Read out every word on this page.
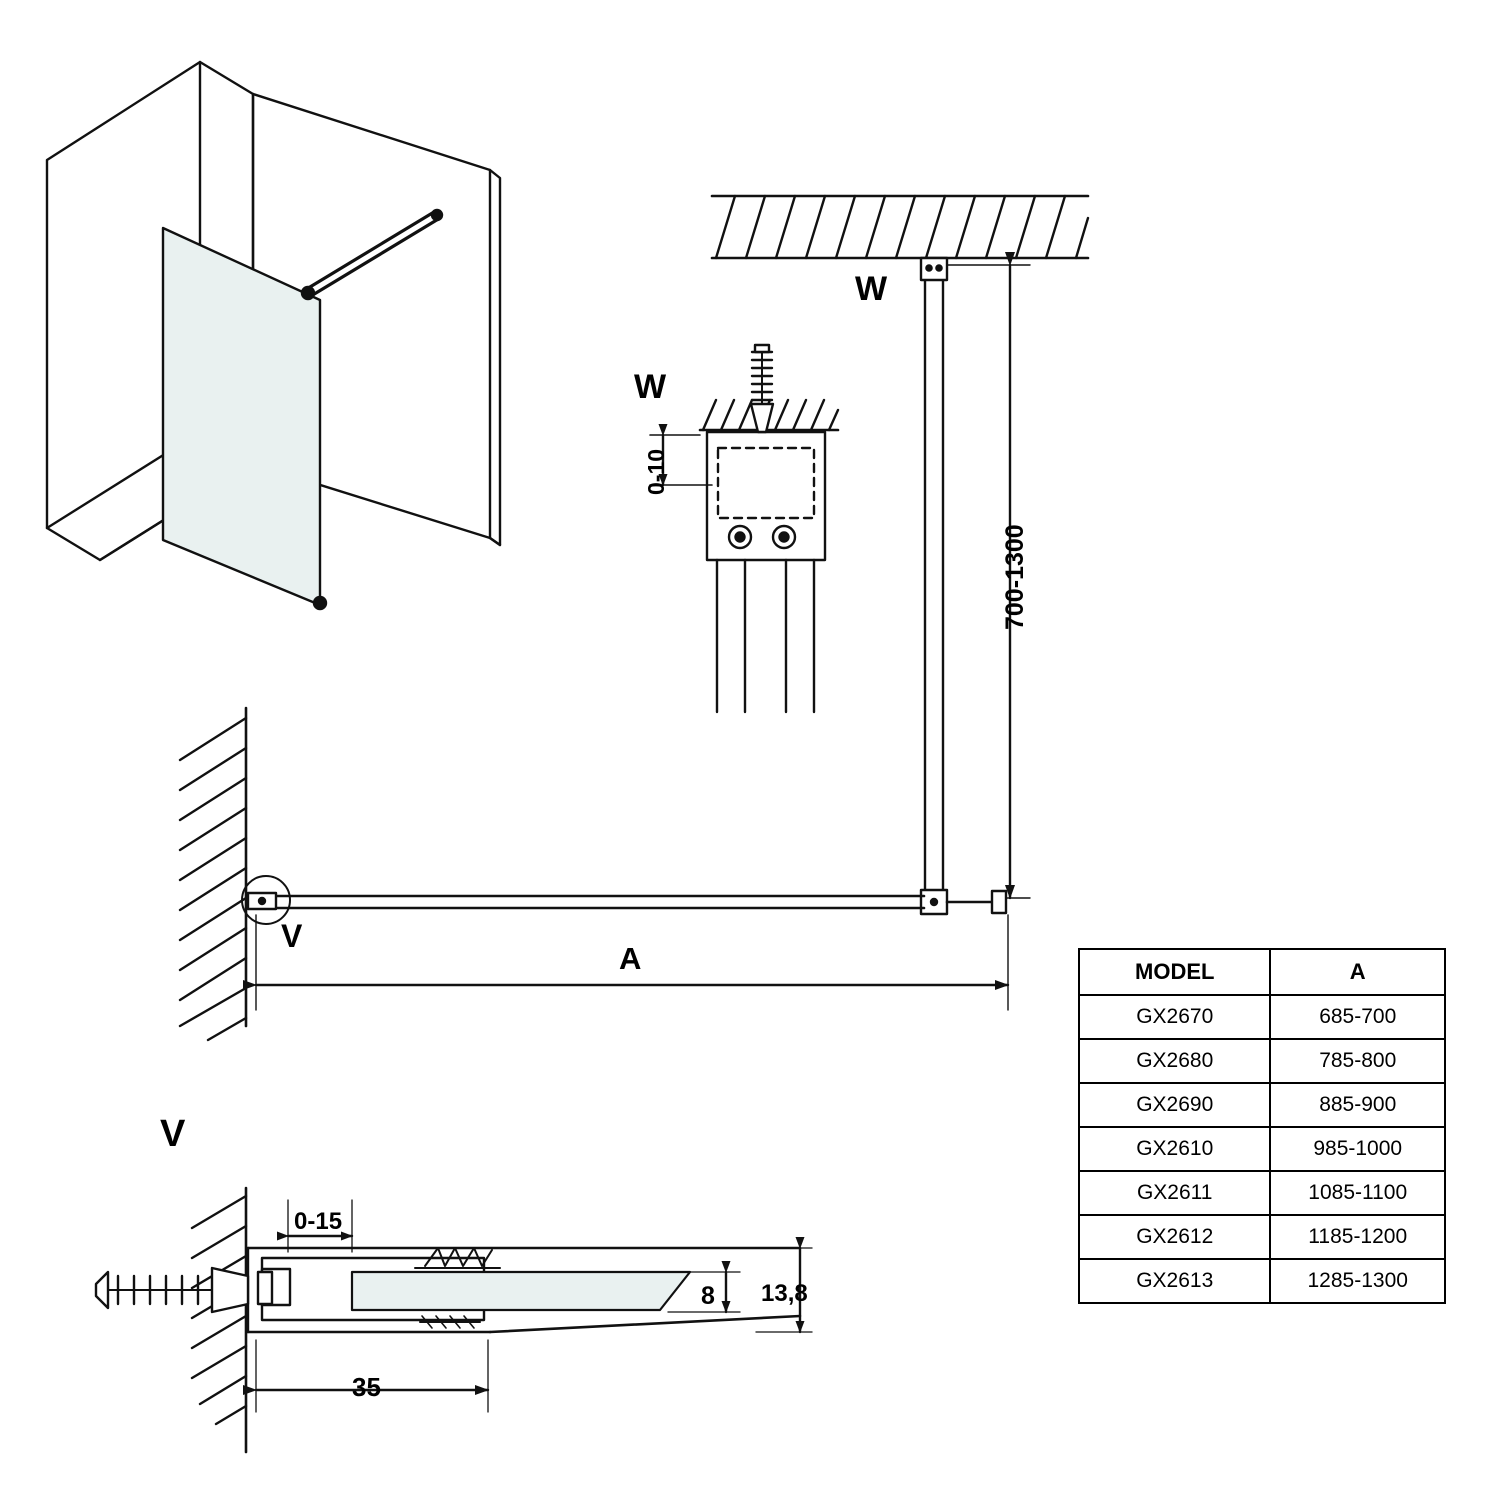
W
W
V
V
A
0-10
700-1300
0-15
35
8 13,8
MODEL	A
GX2670	685-700
GX2680	785-800
GX2690	885-900
GX2610	985-1000
GX2611	1085-1100
GX2612	1185-1200
GX2613	1285-1300
